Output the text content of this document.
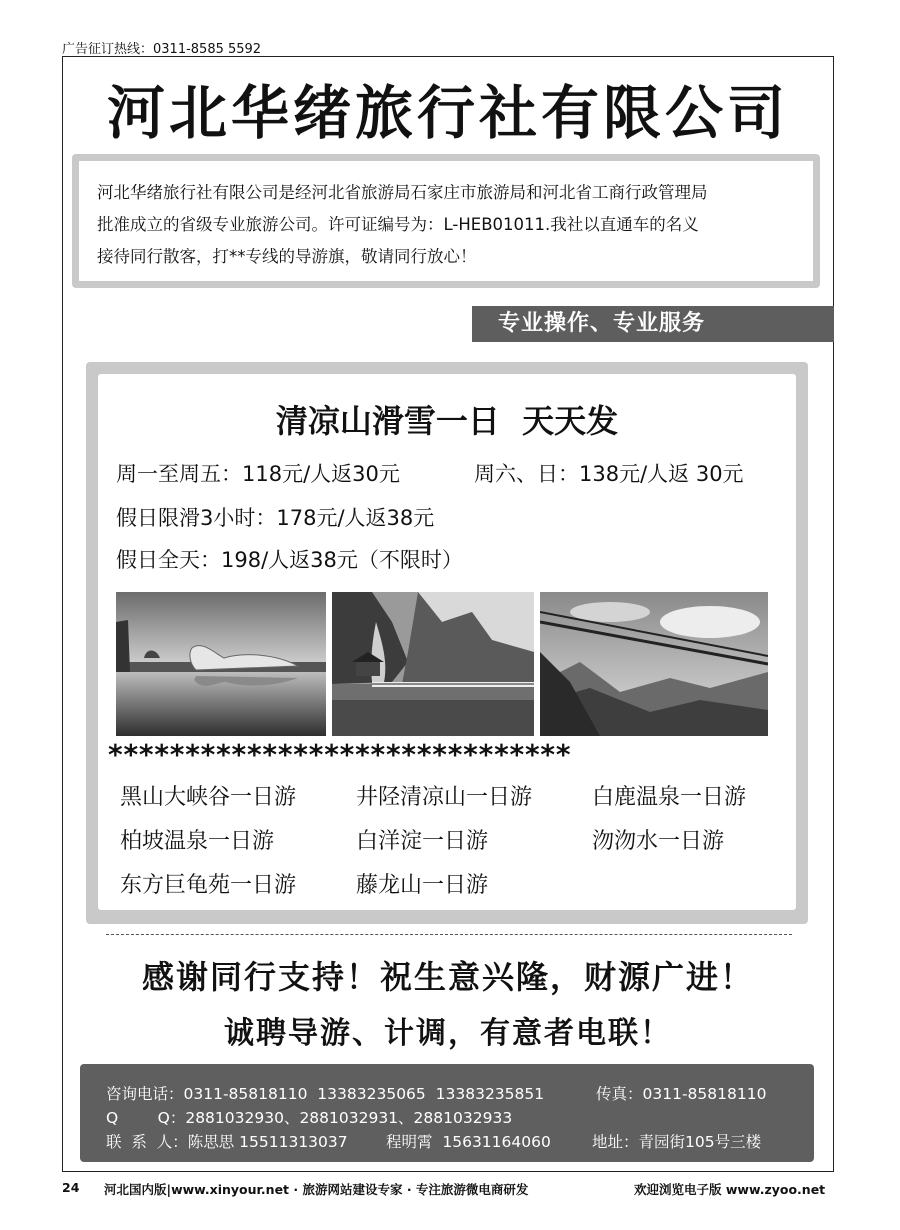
广告征订热线：0311-8585 5592
河北华绪旅行社有限公司

河北华绪旅行社有限公司是经河北省旅游局石家庄市旅游局和河北省工商行政管理局
批准成立的省级专业旅游公司。许可证编号为：L-HEB01011.我社以直通车的名义
接待同行散客，打**专线的导游旗，敬请同行放心！

专业操作、专业服务
清凉山滑雪一日  天天发
周一至周五：118元/人返30元	周六、日：138元/人返 30元
假日限滑3小时：178元/人返38元
假日全天：198/人返38元（不限时）
******************************
黑山大峡谷一日游	井陉清凉山一日游	白鹿温泉一日游
柏坡温泉一日游	白洋淀一日游	沕沕水一日游
东方巨龟苑一日游	藤龙山一日游
感谢同行支持！祝生意兴隆，财源广进！
诚聘导游、计调，有意者电联！
咨询电话：0311-85818110  13383235065  13383235851	传真：0311-85818110
Q        Q：2881032930、2881032931、2881032933
联  系  人：陈思思 15511313037 程明霄  15631164060	地址：青园街105号三楼
24 河北国内版|www.xinyour.net · 旅游网站建设专家 · 专注旅游微电商研发	欢迎浏览电子版 www.zyoo.net
